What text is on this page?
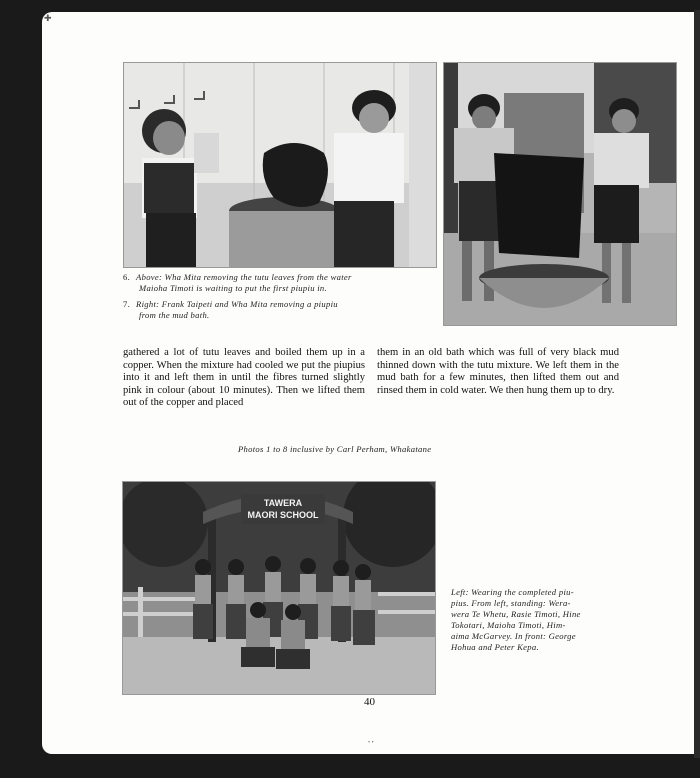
✚
6. Above: Wha Mita removing the tutu leaves from the water
Maioha Timoti is waiting to put the first piupiu in.
7. Right: Frank Taipeti and Wha Mita removing a piupiu
from the mud bath.
gathered a lot of tutu leaves and boiled them up in a copper. When the mixture had cooled we put the piupius into it and left them in until the fibres turned slightly pink in colour (about 10 minutes). Then we lifted them out of the copper and placed
them in an old bath which was full of very black mud thinned down with the tutu mixture. We left them in the mud bath for a few minutes, then lifted them out and rinsed them in cold water. We then hung them up to dry.
Photos 1 to 8 inclusive by Carl Perham, Whakatane
TAWERA
MAORI SCHOOL
Left: Wearing the completed piu-
pius. From left, standing: Wera-
wera Te Whetu, Rasie Timoti, Hine
Tokotari, Maioha Timoti, Him-
aima McGarvey. In front: George
Hohua and Peter Kepa.
40
• •
